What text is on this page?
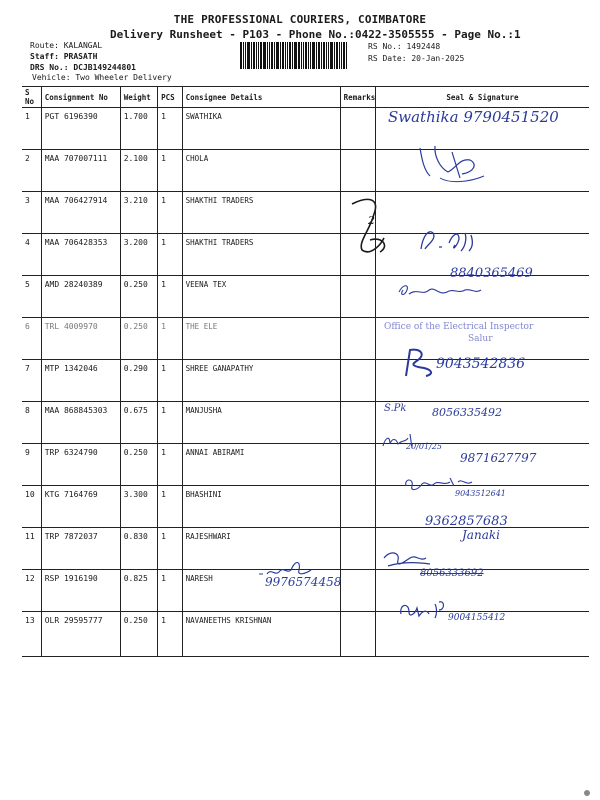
THE PROFESSIONAL COURIERS, COIMBATORE
Delivery Runsheet - P103 - Phone No.:0422-3505555 - Page No.:1
Route: KALANGAL
Staff: PRASATH
DRS No.: DCJB149244801
Vehicle: Two Wheeler Delivery
RS No.: 1492448
RS Date: 20-Jan-2025
S No	Consignment No	Weight	PCS	Consignee Details	Remarks	Seal & Signature
1	PGT 6196390	1.700	1	SWATHIKA		
2	MAA 707007111	2.100	1	CHOLA		
3	MAA 706427914	3.210	1	SHAKTHI TRADERS		
4	MAA 706428353	3.200	1	SHAKTHI TRADERS		
5	AMD 28240389	0.250	1	VEENA TEX		
6	TRL 4009970	0.250	1	THE ELE		
7	MTP 1342046	0.290	1	SHREE GANAPATHY		
8	MAA 868845303	0.675	1	MANJUSHA		
9	TRP 6324790	0.250	1	ANNAI ABIRAMI		
10	KTG 7164769	3.300	1	BHASHINI		
11	TRP 7872037	0.830	1	RAJESHWARI		
12	RSP 1916190	0.825	1	NARESH		
13	OLR 29595777	0.250	1	NAVANEETHS KRISHNAN		
Swathika 9790451520
2
8840365469
Office of the Electrical Inspector
Salur
9043542836
S.Pk 8056335492
20/01/25
9871627797
9043512641
9362857683
Janaki
8056333692
9976574458
9004155412
